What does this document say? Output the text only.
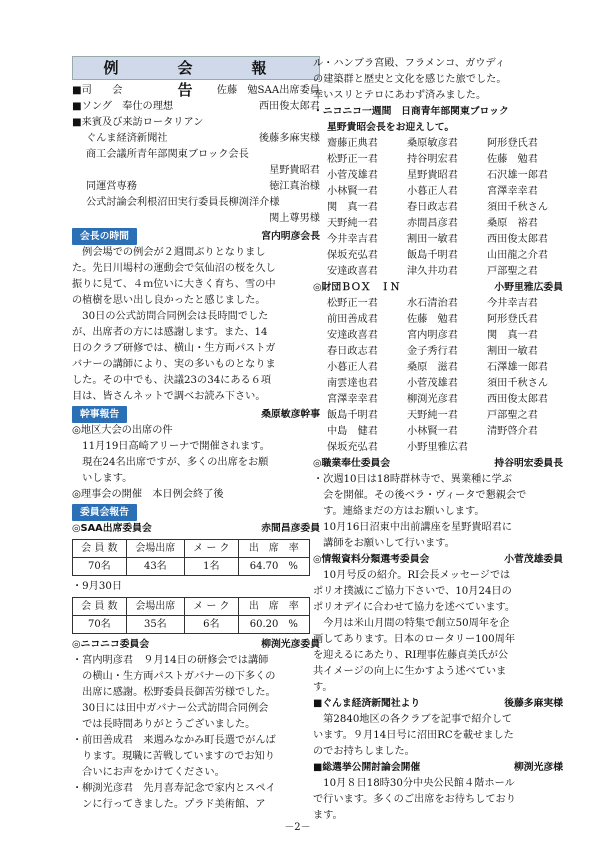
例　会　報　告
■司　　会	佐藤　勉SAA出席委員
■ソング　奉仕の理想	西田俊太郎君
■来賓及び来訪ロータリアン
ぐんま経済新聞社	後藤多麻実様
商工会議所青年部関東ブロック会長
星野貴昭君
同運営専務	徳江真治様
公式討論会利根沼田実行委員長柳渕洋介様
関上尊男様
会長の時間	宮内明彦会長
　例会場での例会が２週間ぶりとなりまし
た。先日川場村の運動会で気仙沼の桜を久し
振りに見て、４ｍ位いに大きく育ち、雪の中
の植樹を思い出し良かったと感じました。
　30日の公式訪問合同例会は長時間でした
が、出席者の方には感謝します。また、14
日のクラブ研修では、横山・生方両パストガ
バナーの講師により、実の多いものとなりま
した。その中でも、決議23の34にある６項
目は、皆さんネットで調べお読み下さい。
幹事報告	桑原敏彦幹事
◎地区大会の出席の件
　11月19日高崎アリーナで開催されます。
　現在24名出席ですが、多くの出席をお願
　いします。
◎理事会の開催　本日例会終了後
委員会報告
◎SAA出席委員会	赤間昌彦委員
会 員 数	会場出席	メ ー ク	出　席　率
70名	43名	1名	64.70　%
・9月30日
会 員 数	会場出席	メ ー ク	出　席　率
70名	35名	6名	60.20　%
◎ニコニコ委員会	柳渕光彦委員
・宮内明彦君　９月14日の研修会では講師
　の横山・生方両パストガバナーの下多くの
　出席に感謝。松野委員長御苦労様でした。
　30日には田中ガバナー公式訪問合同例会
　では長時間ありがとうございました。
・前田善成君　来週みなかみ町長選でがんば
　ります。現職に苦戦していますのでお知り
　合いにお声をかけてください。
・柳渕光彦君　先月喜寿記念で家内とスペイ
　ンに行ってきました。プラド美術館、ア
ル・ハンブラ宮殿、フラメンコ、ガウディ
の建築群と歴史と文化を感じた旅でした。
幸いスリとテロにあわず済みました。
・ニコニコ一週間　日商青年部関東ブロック
星野貴昭会長をお迎えして。
齋藤正典君	桑原敏彦君	阿形登氏君
松野正一君	持谷明宏君	佐藤　勉君
小菅茂雄君	星野貴昭君	石沢雄一郎君
小林賢一君	小暮正人君	宮澤幸幸君
関　真一君	春日政志君	須田千秋さん
天野純一君	赤間昌彦君	桑原　裕君
今井幸吉君	割田一敏君	西田俊太郎君
保坂充弘君	飯島千明君	山田龍之介君
安達政喜君	津久井功君	戸部聖之君
◎財団ＢＯＸ　ＩＮ	小野里雅広委員
松野正一君	水石清治君	今井幸吉君
前田善成君	佐藤　勉君	阿形登氏君
安達政喜君	宮内明彦君	関　真一君
春日政志君	金子秀行君	割田一敏君
小暮正人君	桑原　滋君	石澤雄一郎君
南雲達也君	小菅茂雄君	須田千秋さん
宮澤幸幸君	柳渕光彦君	西田俊太郎君
飯島千明君	天野純一君	戸部聖之君
中島　健君	小林賢一君	清野啓介君
保坂充弘君	小野里雅広君
◎職業奉仕委員会	持谷明宏委員長
・次週10日は18時群林寺で、異業種に学ぶ
　会を開催。その後ベラ・ヴィータで懇親会で
　す。連絡まだの方はお願いします。
・10月16日沼東中出前講座を星野貴昭君に
　講師をお願いして行います。
◎情報資料分類選考委員会	小菅茂雄委員
　10月号反の紹介。RI会長メッセージでは
ポリオ撲滅にご協力下さいで、10月24日の
ポリオデイに合わせて協力を述べています。
　今月は米山月間の特集で創立50周年を企
画してあります。日本のロータリー100周年
を迎えるにあたり、RI理事佐藤貞美氏が公
共イメージの向上に生かすよう述べていま
す。
■ぐんま経済新聞社より	後藤多麻実様
　第2840地区の各クラブを記事で紹介して
います。９月14日号に沼田RCを載せました
のでお持ちしました。
■総選挙公開討論会開催	柳渕光彦様
　10月８日18時30分中央公民館４階ホール
で行います。多くのご出席をお待ちしており
ます。
－2－
